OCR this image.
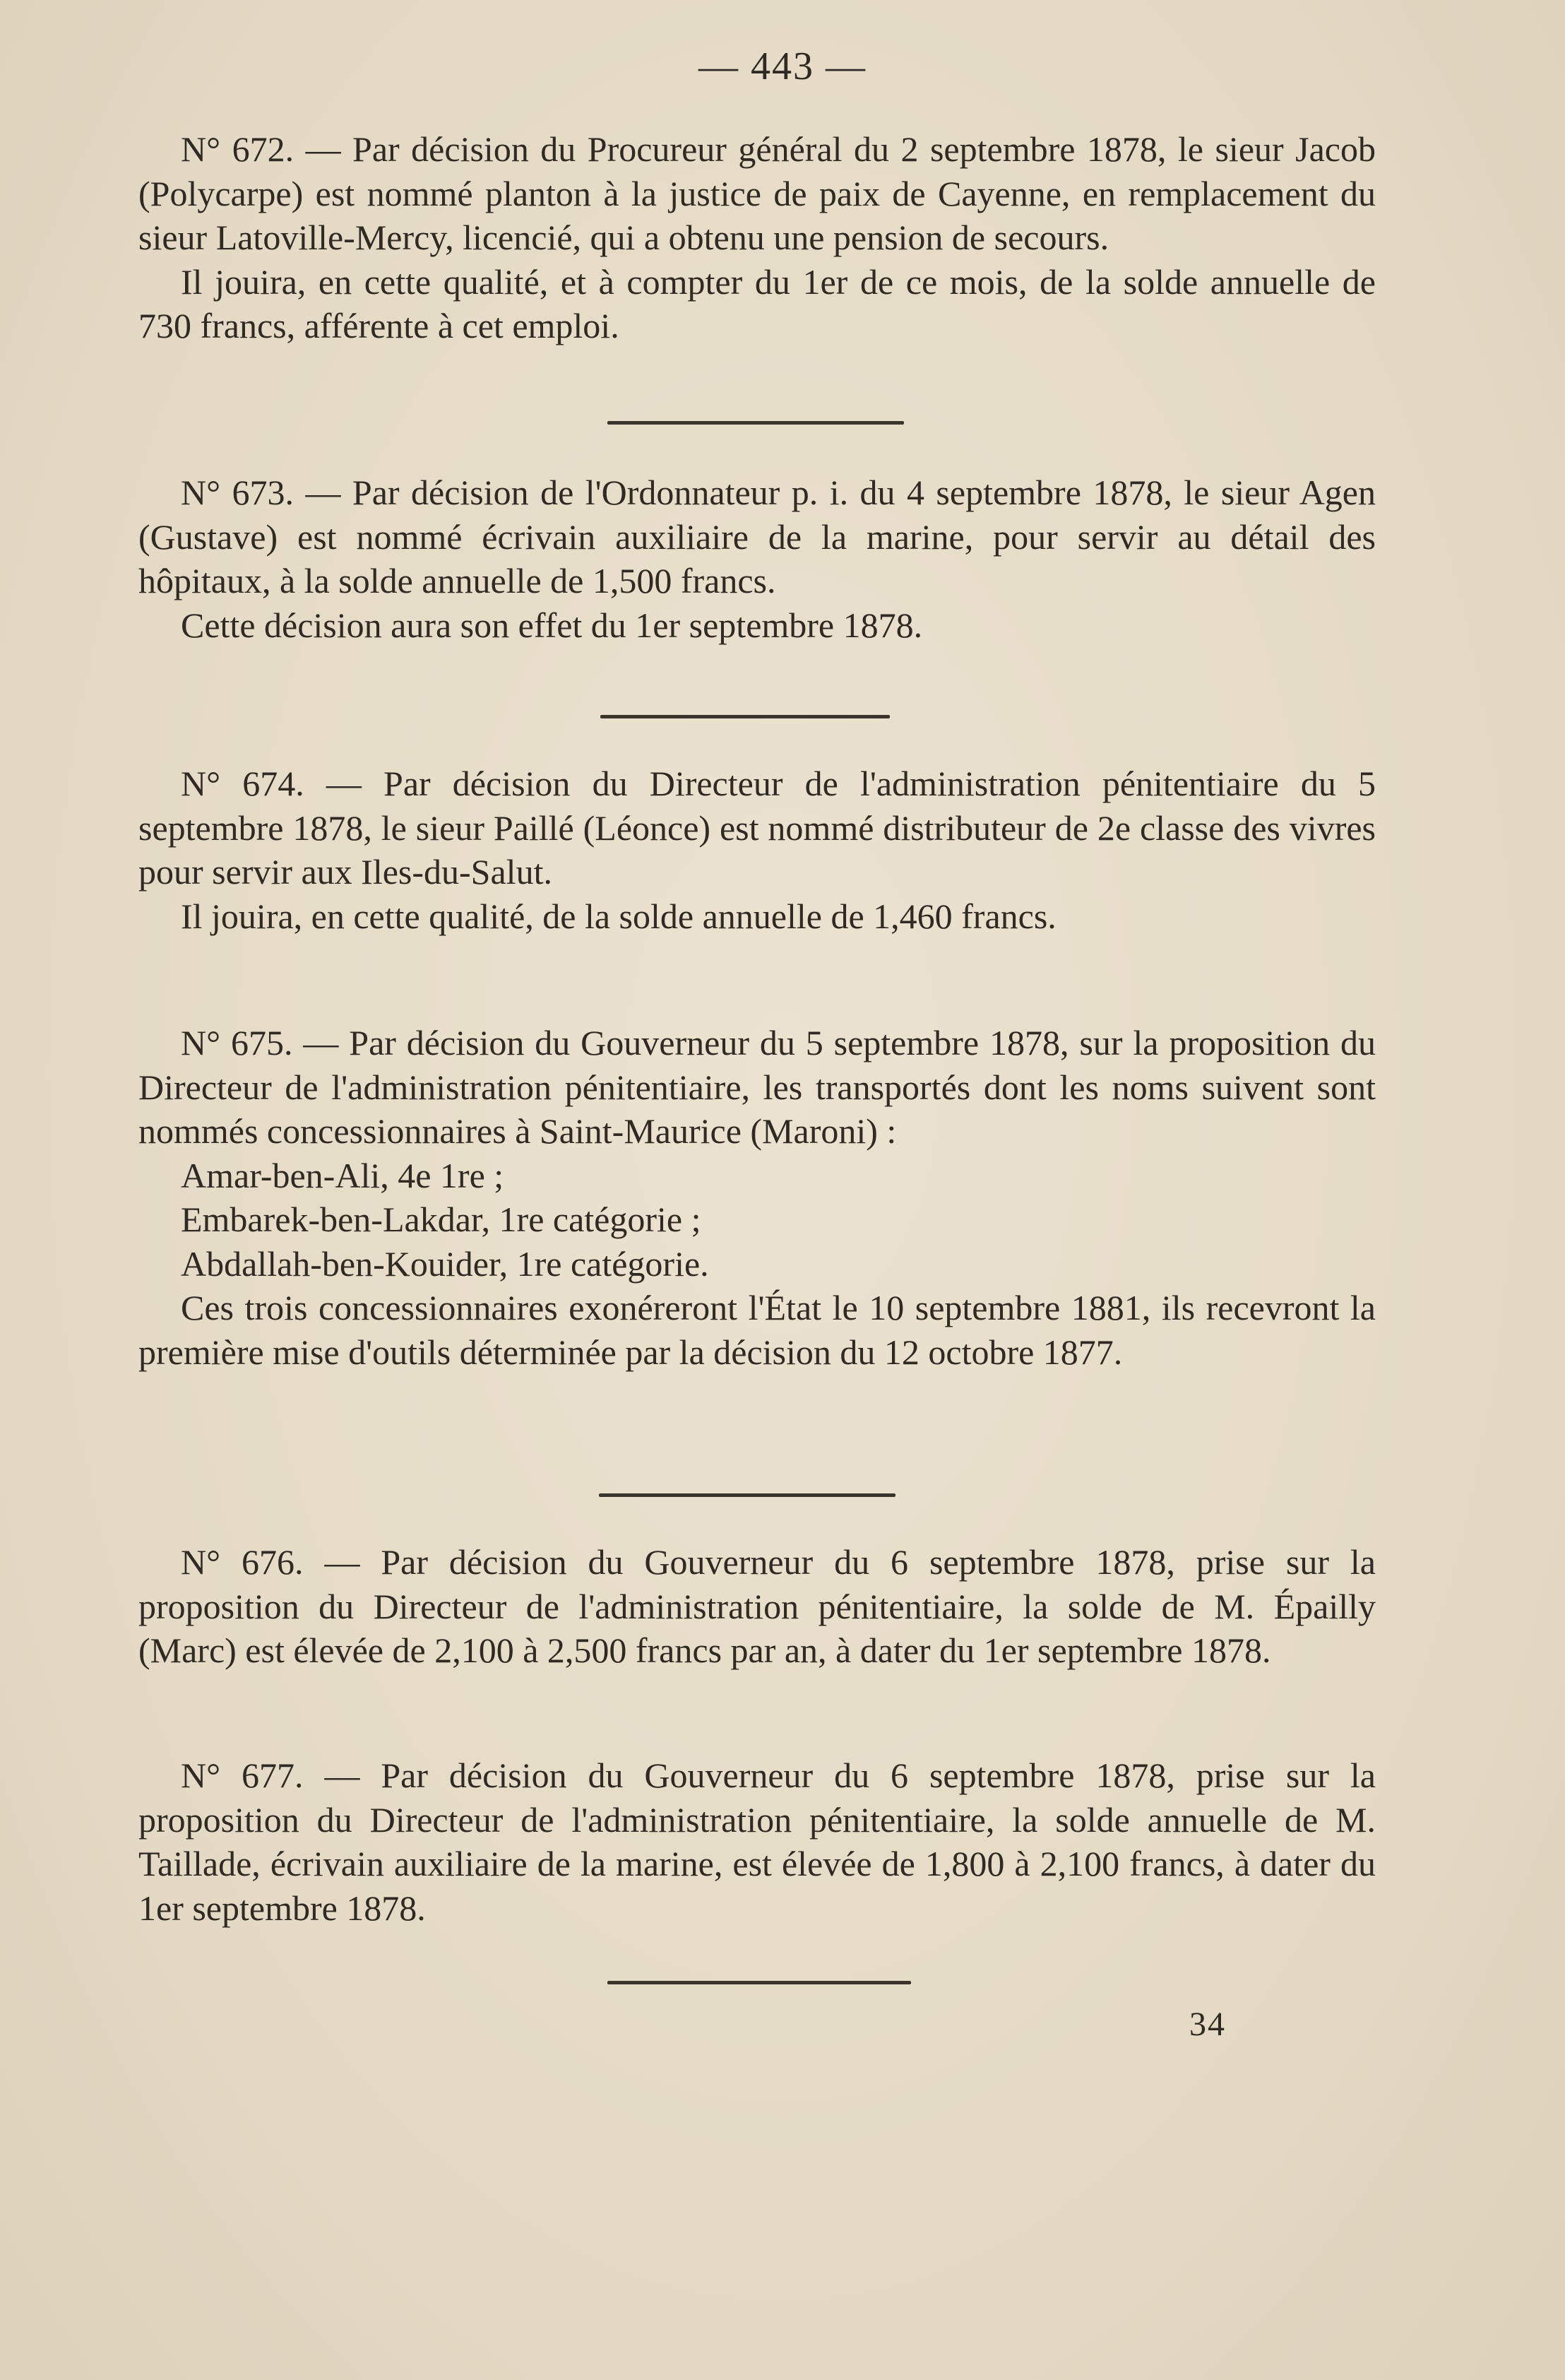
— 443 —

N° 672. — Par décision du Procureur général du 2 septembre 1878, le sieur Jacob (Polycarpe) est nommé planton à la justice de paix de Cayenne, en remplacement du sieur Latoville-Mercy, licencié, qui a obtenu une pension de secours.

Il jouira, en cette qualité, et à compter du 1er de ce mois, de la solde annuelle de 730 francs, afférente à cet emploi.

N° 673. — Par décision de l'Ordonnateur p. i. du 4 septembre 1878, le sieur Agen (Gustave) est nommé écrivain auxiliaire de la marine, pour servir au détail des hôpitaux, à la solde annuelle de 1,500 francs.

Cette décision aura son effet du 1er septembre 1878.

N° 674. — Par décision du Directeur de l'administration pénitentiaire du 5 septembre 1878, le sieur Paillé (Léonce) est nommé distributeur de 2e classe des vivres pour servir aux Iles-du-Salut.

Il jouira, en cette qualité, de la solde annuelle de 1,460 francs.

N° 675. — Par décision du Gouverneur du 5 septembre 1878, sur la proposition du Directeur de l'administration pénitentiaire, les transportés dont les noms suivent sont nommés concessionnaires à Saint-Maurice (Maroni) :

Amar-ben-Ali, 4e 1re ;

Embarek-ben-Lakdar, 1re catégorie ;

Abdallah-ben-Kouider, 1re catégorie.

Ces trois concessionnaires exonéreront l'État le 10 septembre 1881, ils recevront la première mise d'outils déterminée par la décision du 12 octobre 1877.

N° 676. — Par décision du Gouverneur du 6 septembre 1878, prise sur la proposition du Directeur de l'administration pénitentiaire, la solde de M. Épailly (Marc) est élevée de 2,100 à 2,500 francs par an, à dater du 1er septembre 1878.

N° 677. — Par décision du Gouverneur du 6 septembre 1878, prise sur la proposition du Directeur de l'administration pénitentiaire, la solde annuelle de M. Taillade, écrivain auxiliaire de la marine, est élevée de 1,800 à 2,100 francs, à dater du 1er septembre 1878.

34
